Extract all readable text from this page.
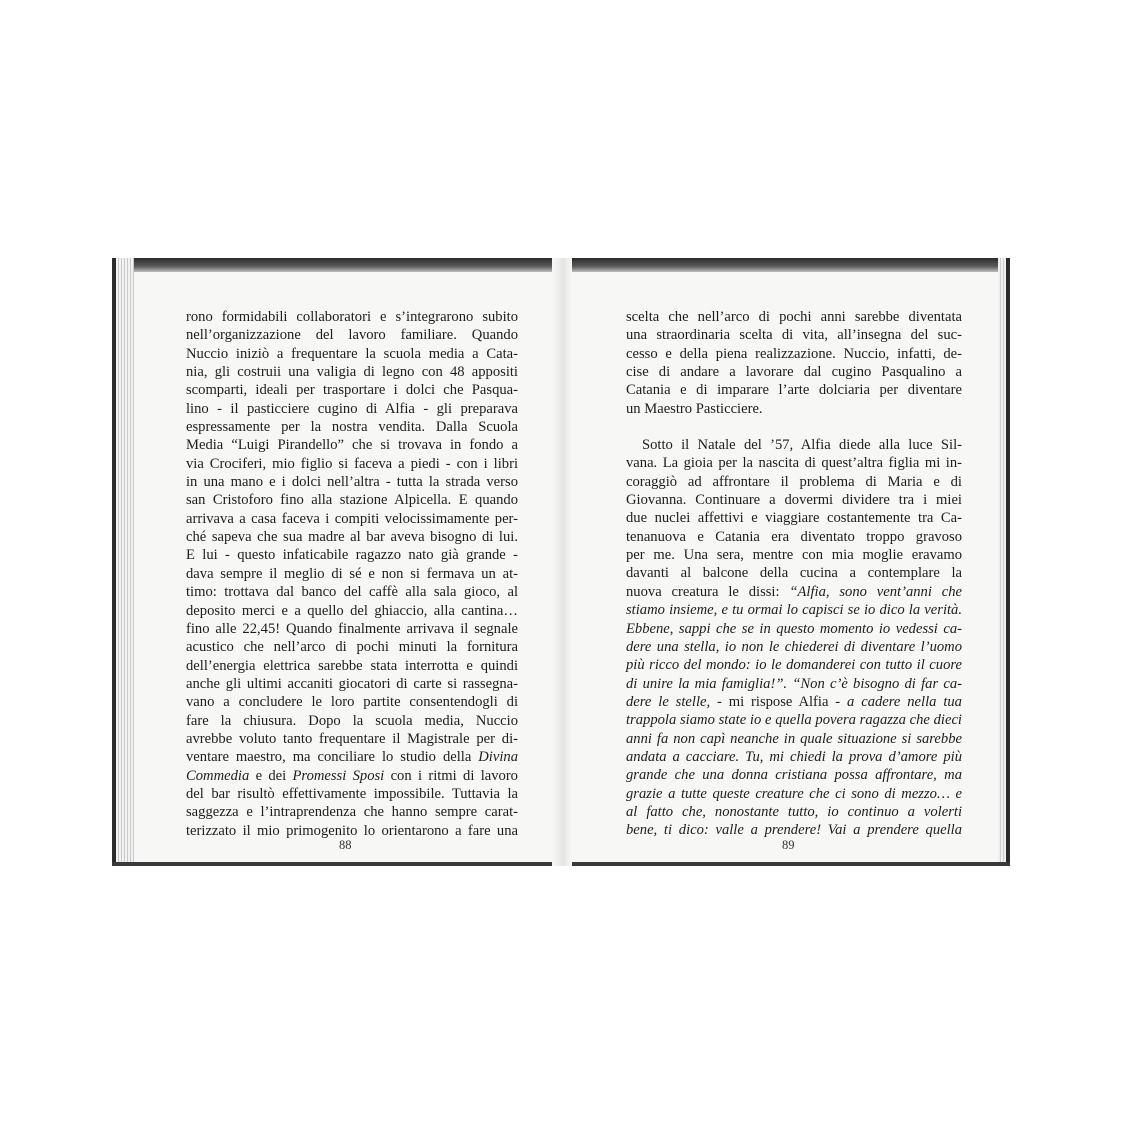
rono formidabili collaboratori e s’integrarono subito
nell’organizzazione del lavoro familiare. Quando
Nuccio iniziò a frequentare la scuola media a Cata-
nia, gli costruii una valigia di legno con 48 appositi
scomparti, ideali per trasportare i dolci che Pasqua-
lino - il pasticciere cugino di Alfia - gli preparava
espressamente per la nostra vendita. Dalla Scuola
Media “Luigi Pirandello” che si trovava in fondo a
via Crociferi, mio figlio si faceva a piedi - con i libri
in una mano e i dolci nell’altra - tutta la strada verso
san Cristoforo fino alla stazione Alpicella. E quando
arrivava a casa faceva i compiti velocissimamente per-
ché sapeva che sua madre al bar aveva bisogno di lui.
E lui - questo infaticabile ragazzo nato già grande -
dava sempre il meglio di sé e non si fermava un at-
timo: trottava dal banco del caffè alla sala gioco, al
deposito merci e a quello del ghiaccio, alla cantina…
fino alle 22,45! Quando finalmente arrivava il segnale
acustico che nell’arco di pochi minuti la fornitura
dell’energia elettrica sarebbe stata interrotta e quindi
anche gli ultimi accaniti giocatori di carte si rassegna-
vano a concludere le loro partite consentendogli di
fare la chiusura. Dopo la scuola media, Nuccio
avrebbe voluto tanto frequentare il Magistrale per di-
ventare maestro, ma conciliare lo studio della Divina
Commedia e dei Promessi Sposi con i ritmi di lavoro
del bar risultò effettivamente impossibile. Tuttavia la
saggezza e l’intraprendenza che hanno sempre carat-
terizzato il mio primogenito lo orientarono a fare una
88
scelta che nell’arco di pochi anni sarebbe diventata
una straordinaria scelta di vita, all’insegna del suc-
cesso e della piena realizzazione. Nuccio, infatti, de-
cise di andare a lavorare dal cugino Pasqualino a
Catania e di imparare l’arte dolciaria per diventare
un Maestro Pasticciere.
Sotto il Natale del ’57, Alfia diede alla luce Sil-
vana. La gioia per la nascita di quest’altra figlia mi in-
coraggiò ad affrontare il problema di Maria e di
Giovanna. Continuare a dovermi dividere tra i miei
due nuclei affettivi e viaggiare costantemente tra Ca-
tenanuova e Catania era diventato troppo gravoso
per me. Una sera, mentre con mia moglie eravamo
davanti al balcone della cucina a contemplare la
nuova creatura le dissi: “Alfia, sono vent’anni che
stiamo insieme, e tu ormai lo capisci se io dico la verità.
Ebbene, sappi che se in questo momento io vedessi ca-
dere una stella, io non le chiederei di diventare l’uomo
più ricco del mondo: io le domanderei con tutto il cuore
di unire la mia famiglia!”. “Non c’è bisogno di far ca-
dere le stelle, - mi rispose Alfia - a cadere nella tua
trappola siamo state io e quella povera ragazza che dieci
anni fa non capì neanche in quale situazione si sarebbe
andata a cacciare. Tu, mi chiedi la prova d’amore più
grande che una donna cristiana possa affrontare, ma
grazie a tutte queste creature che ci sono di mezzo… e
al fatto che, nonostante tutto, io continuo a volerti
bene, ti dico: valle a prendere! Vai a prendere quella
89
